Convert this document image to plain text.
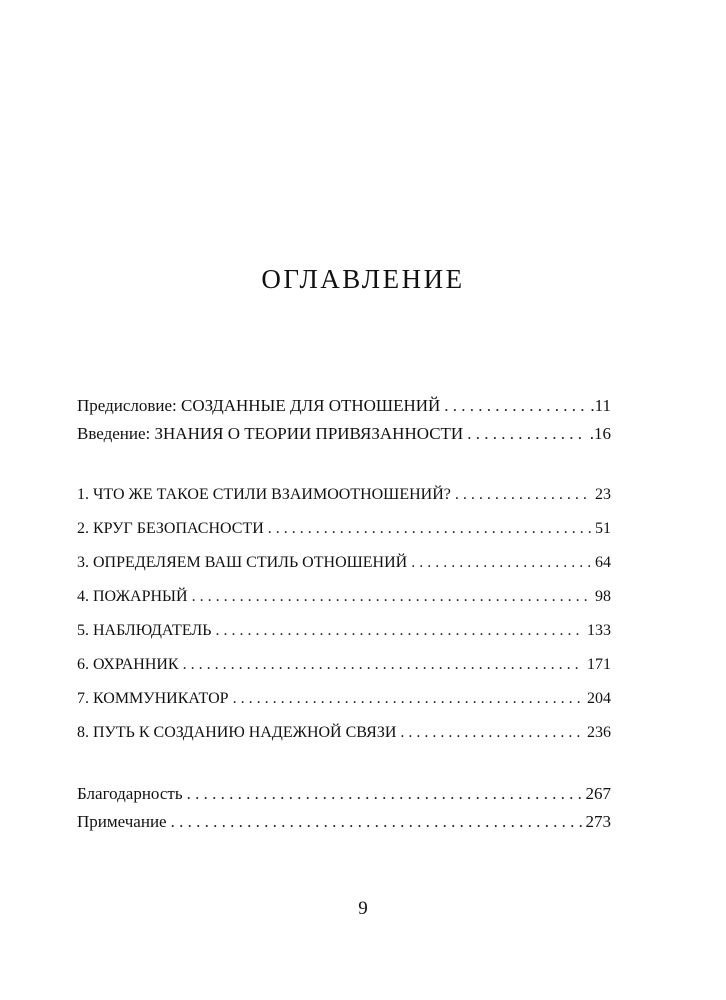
ОГЛАВЛЕНИЕ
Предисловие: СОЗДАННЫЕ ДЛЯ ОТНОШЕНИЙ . . .	.11
Введение: ЗНАНИЯ О ТЕОРИИ ПРИВЯЗАННОСТИ . . .	.16
1. ЧТО ЖЕ ТАКОЕ СТИЛИ ВЗАИМООТНОШЕНИЙ? . . .	23
2. КРУГ БЕЗОПАСНОСТИ . . .	51
3. ОПРЕДЕЛЯЕМ ВАШ СТИЛЬ ОТНОШЕНИЙ . . .	64
4. ПОЖАРНЫЙ . . .	98
5. НАБЛЮДАТЕЛЬ . . .	133
6. ОХРАННИК . . .	171
7. КОММУНИКАТОР . . .	204
8. ПУТЬ К СОЗДАНИЮ НАДЕЖНОЙ СВЯЗИ . . .	236
Благодарность . . .	267
Примечание . . .	273
9
